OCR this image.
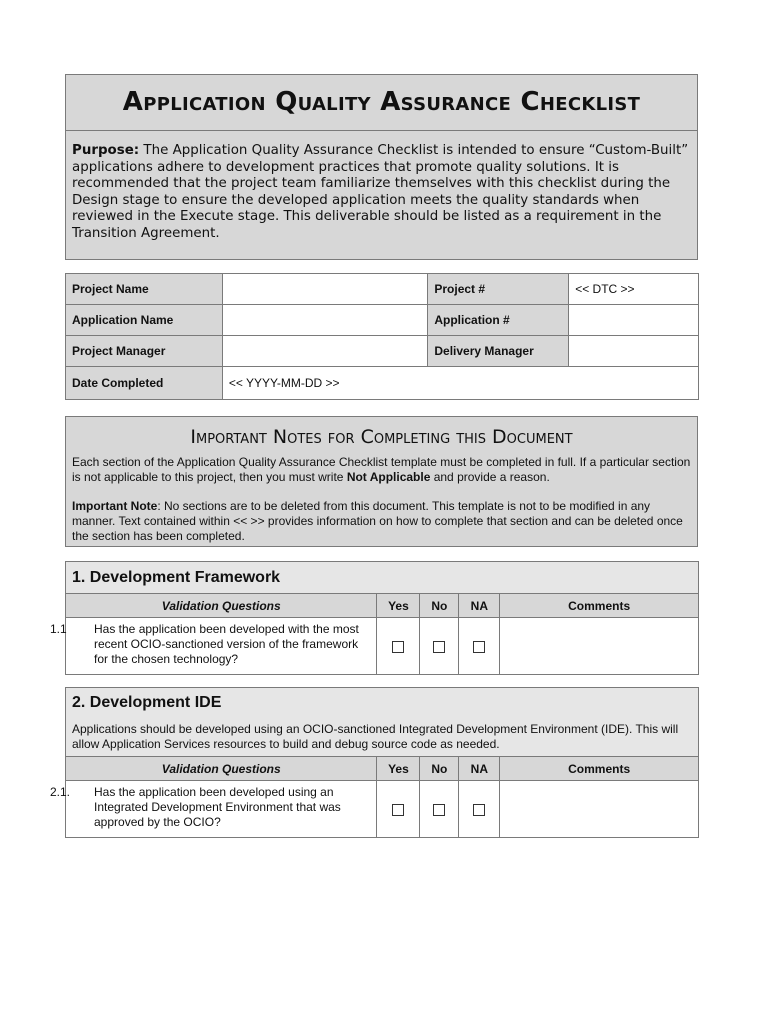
Application Quality Assurance Checklist
Purpose: The Application Quality Assurance Checklist is intended to ensure “Custom-Built” applications adhere to development practices that promote quality solutions. It is recommended that the project team familiarize themselves with this checklist during the Design stage to ensure the developed application meets the quality standards when reviewed in the Execute stage. This deliverable should be listed as a requirement in the Transition Agreement.
Project Name		Project #	<< DTC >>
Application Name		Application #	
Project Manager		Delivery Manager	
Date Completed	<< YYYY-MM-DD >>		
Important Notes for Completing this Document

Each section of the Application Quality Assurance Checklist template must be completed in full. If a particular section is not applicable to this project, then you must write Not Applicable and provide a reason.

Important Note: No sections are to be deleted from this document. This template is not to be modified in any manner. Text contained within << >> provides information on how to complete that section and can be deleted once the section has been completed.

1. Development Framework
Validation Questions	Yes	No	NA	Comments

1.1 Has the application been developed with the most recent OCIO-sanctioned version of the framework for the chosen technology?				

2. Development IDE
Applications should be developed using an OCIO-sanctioned Integrated Development Environment (IDE). This will allow Application Services resources to build and debug source code as needed.
Validation Questions	Yes	No	NA	Comments

2.1. Has the application been developed using an Integrated Development Environment that was approved by the OCIO?				
